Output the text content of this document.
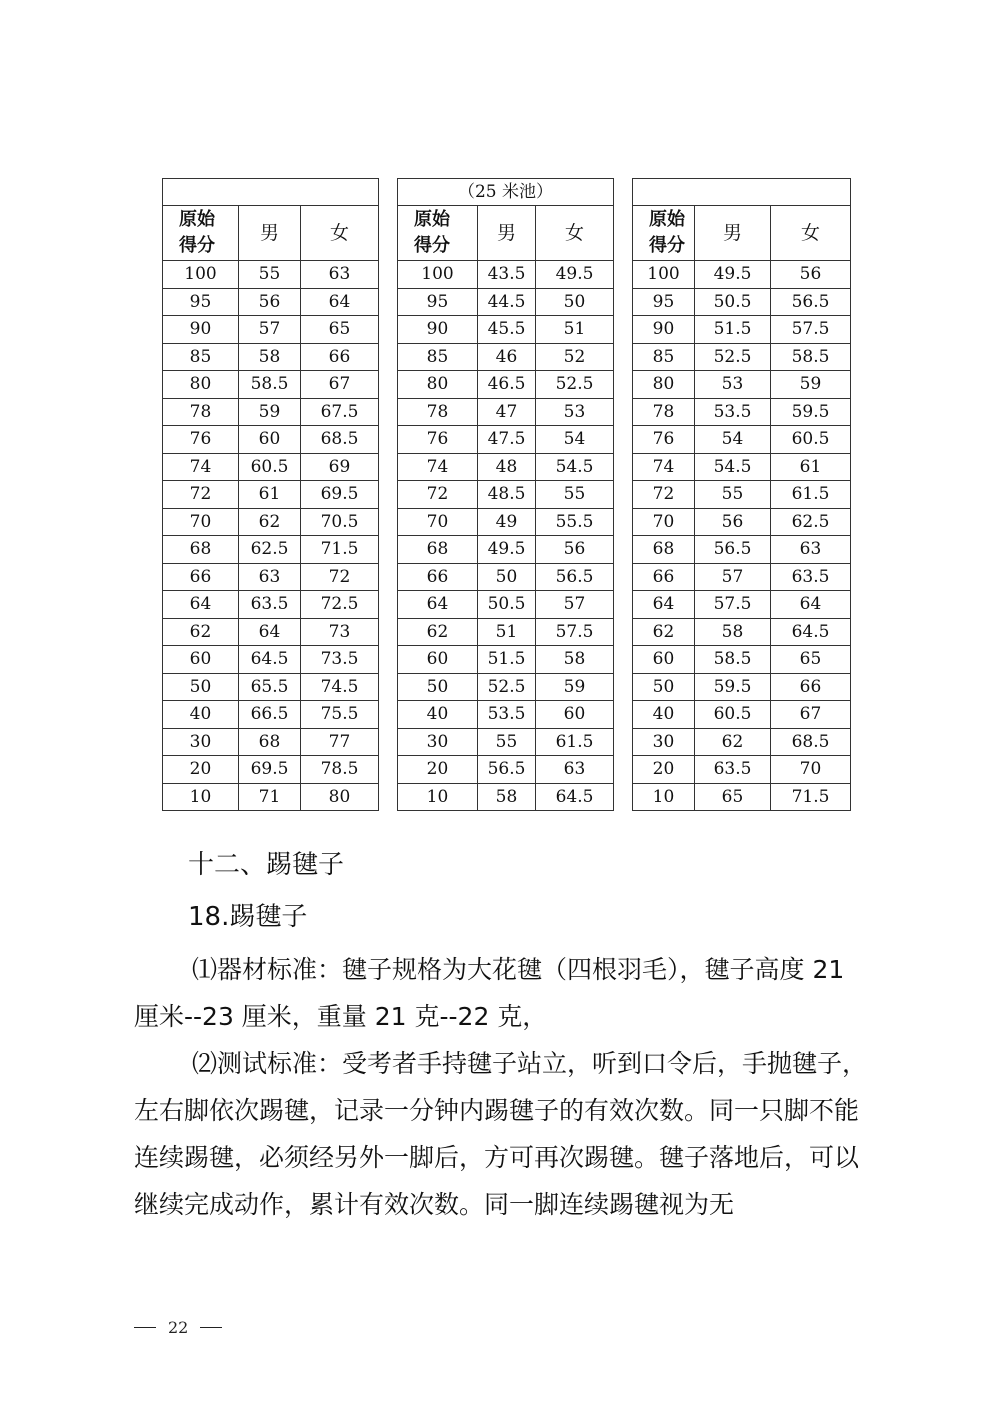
原始
得分	男	女
100	55	63
95	56	64
90	57	65
85	58	66
80	58.5	67
78	59	67.5
76	60	68.5
74	60.5	69
72	61	69.5
70	62	70.5
68	62.5	71.5
66	63	72
64	63.5	72.5
62	64	73
60	64.5	73.5
50	65.5	74.5
40	66.5	75.5
30	68	77
20	69.5	78.5
10	71	80
（25 米池）		
原始
得分	男	女
100	43.5	49.5
95	44.5	50
90	45.5	51
85	46	52
80	46.5	52.5
78	47	53
76	47.5	54
74	48	54.5
72	48.5	55
70	49	55.5
68	49.5	56
66	50	56.5
64	50.5	57
62	51	57.5
60	51.5	58
50	52.5	59
40	53.5	60
30	55	61.5
20	56.5	63
10	58	64.5

原始
得分	男	女
100	49.5	56
95	50.5	56.5
90	51.5	57.5
85	52.5	58.5
80	53	59
78	53.5	59.5
76	54	60.5
74	54.5	61
72	55	61.5
70	56	62.5
68	56.5	63
66	57	63.5
64	57.5	64
62	58	64.5
60	58.5	65
50	59.5	66
40	60.5	67
30	62	68.5
20	63.5	70
10	65	71.5
十二、踢毽子
18.踢毽子

⑴器材标准：毽子规格为大花毽（四根羽毛），毽子高度 21 厘米--23 厘米，重量 21 克--22 克，

⑵测试标准：受考者手持毽子站立，听到口令后，手抛毽子，左右脚依次踢毽，记录一分钟内踢毽子的有效次数。同一只脚不能连续踢毽，必须经另外一脚后，方可再次踢毽。毽子落地后，可以继续完成动作，累计有效次数。同一脚连续踢毽视为无

22
